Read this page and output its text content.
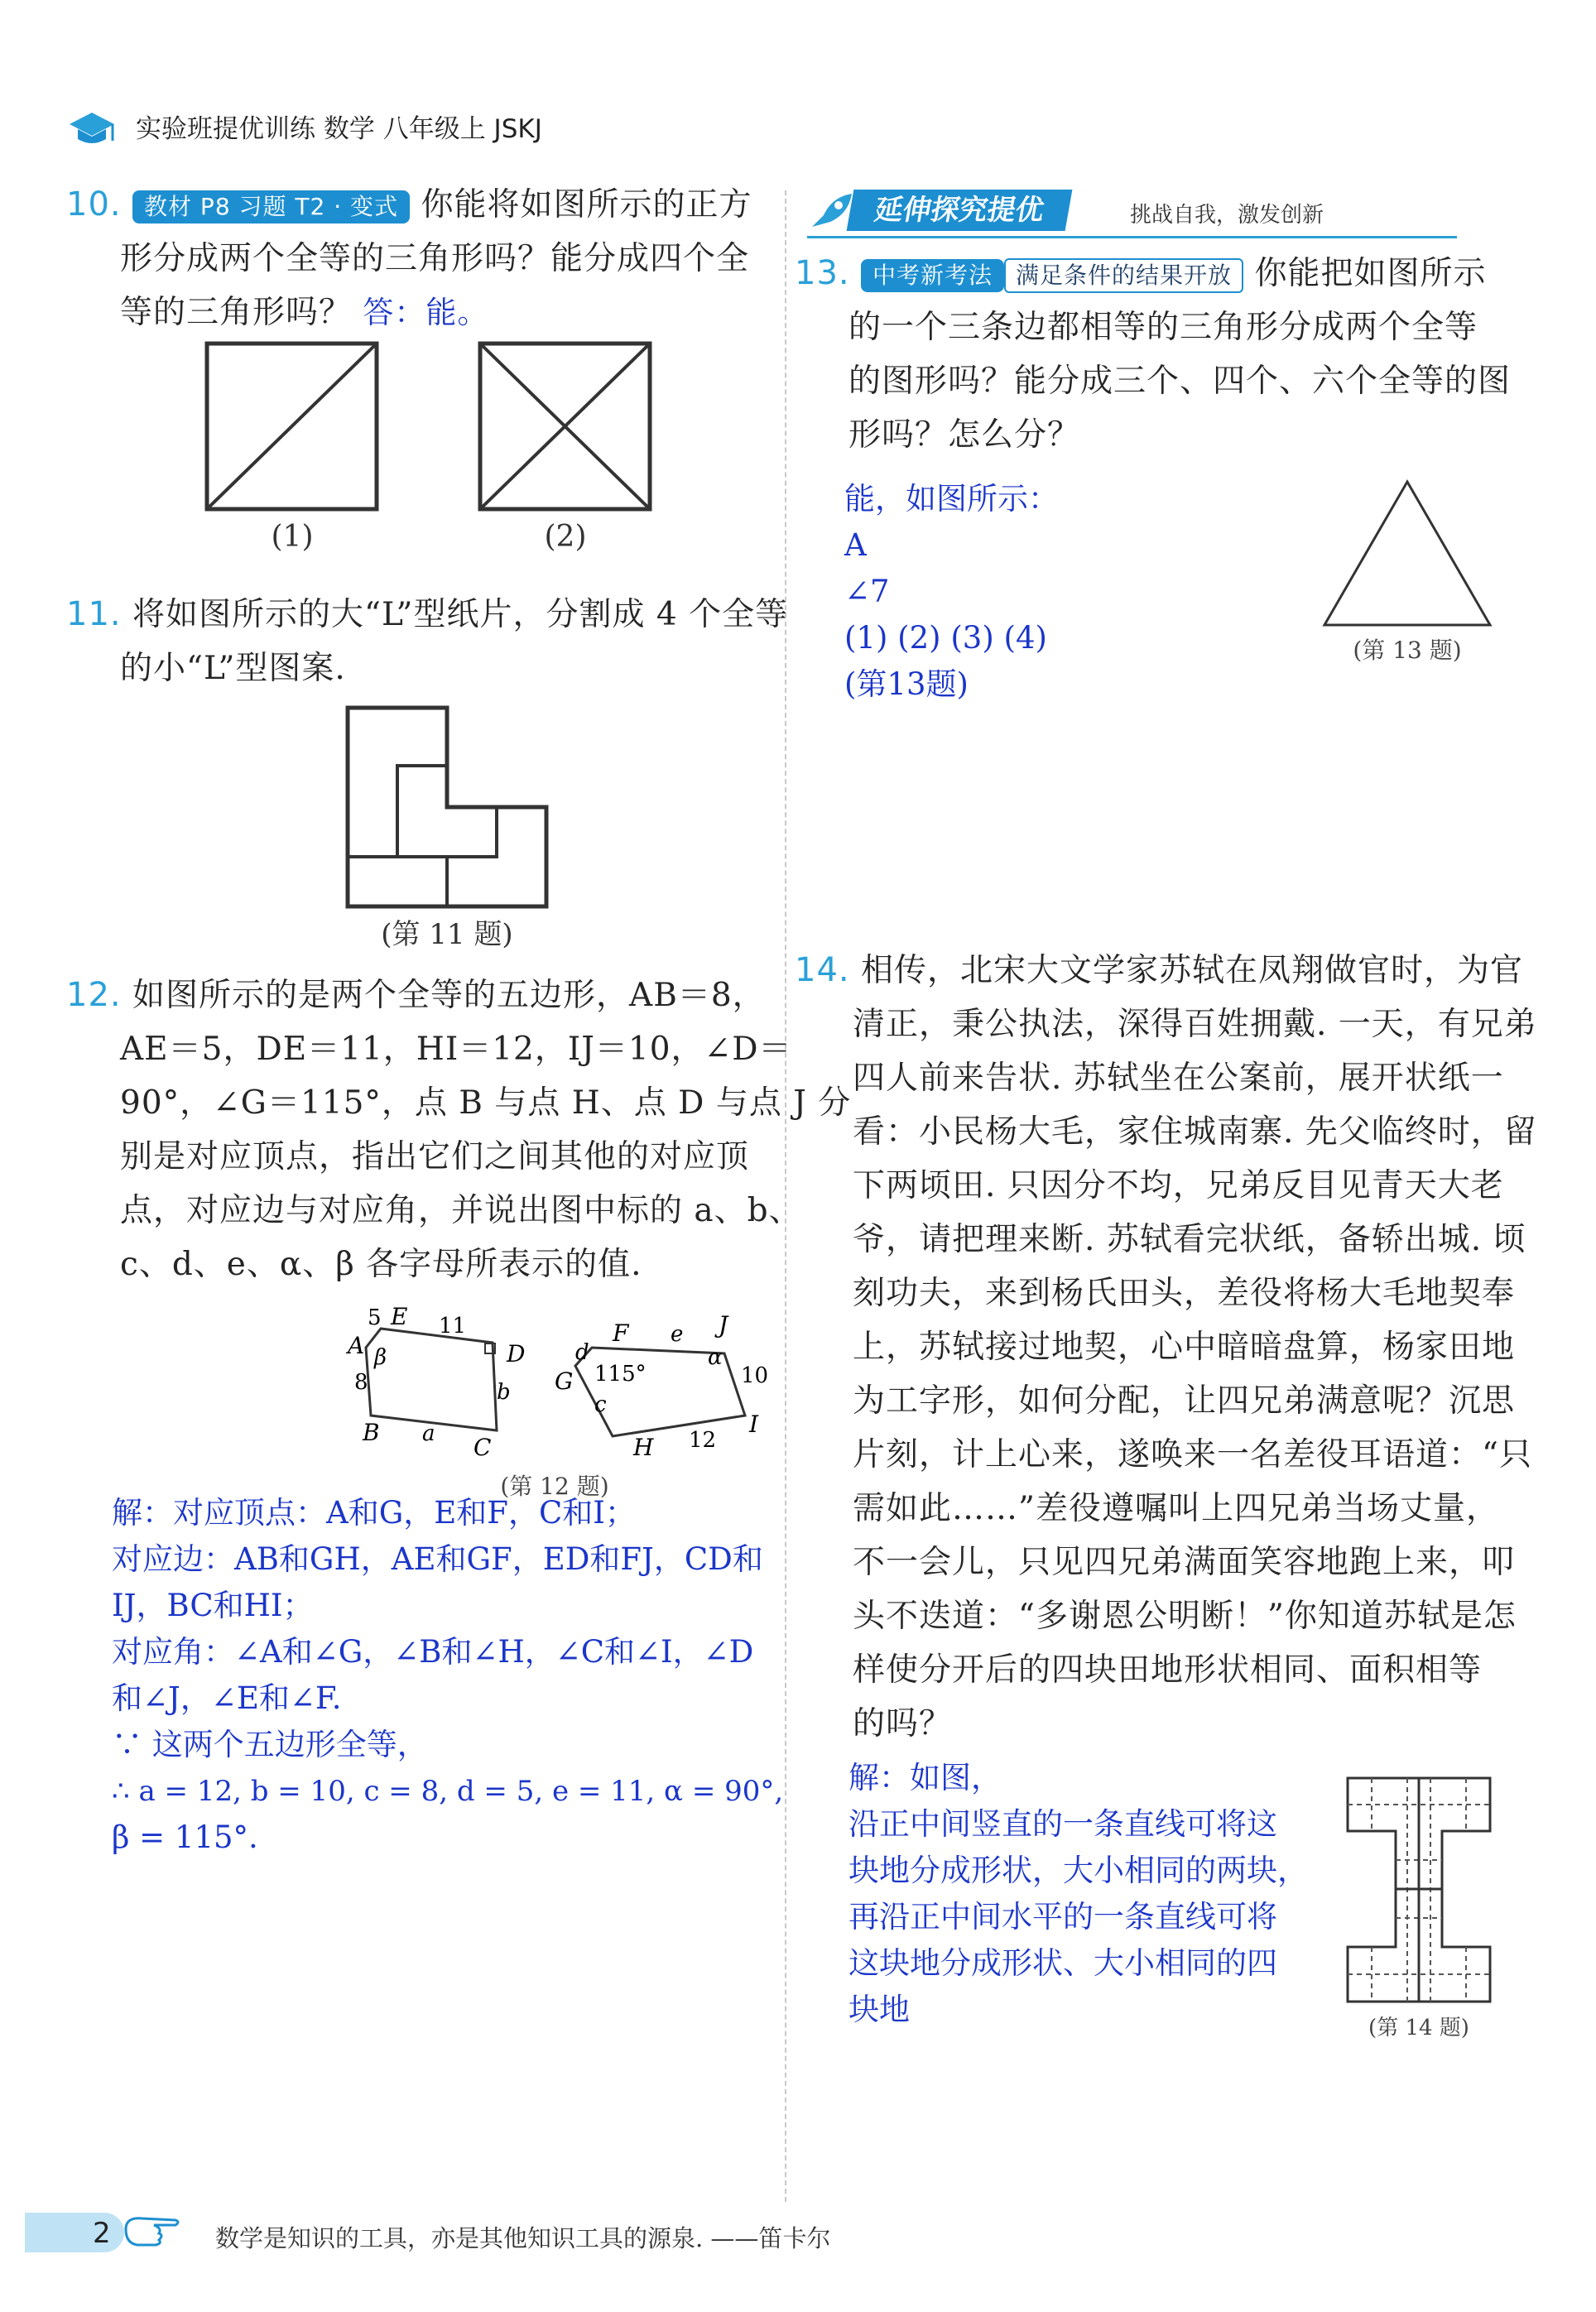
实验班提优训练 数学 八年级上 JSKJ
10. 教材 P8 习题 T2 · 变式 你能将如图所示的正方
形分成两个全等的三角形吗？能分成四个全
等的三角形吗？ 答：能。
(1)	(2)
11. 将如图所示的大“L”型纸片，分割成 4 个全等
的小“L”型图案.
(第 11 题)
12. 如图所示的是两个全等的五边形，AB＝8，
AE＝5，DE＝11，HI＝12，IJ＝10，∠D＝
90°，∠G＝115°，点 B 与点 H、点 D 与点 J 分
别是对应顶点，指出它们之间其他的对应顶
点，对应边与对应角，并说出图中标的 a、b、
c、d、e、α、β 各字母所表示的值.
A
E
5	11
D
β
8	b
B a C
F e J
α
d
115°	10
G
c
I
12
H
(第 12 题)
解：对应顶点：A和G，E和F，C和I；
对应边：AB和GH，AE和GF，ED和FJ，CD和
IJ，BC和HI；
对应角：∠A和∠G，∠B和∠H，∠C和∠I，∠D
和∠J，∠E和∠F.
∵ 这两个五边形全等，
∴ a = 12, b = 10, c = 8, d = 5, e = 11, α = 90°,
β = 115°.
延伸探究提优	挑战自我，激发创新
13. 中考新考法 满足条件的结果开放 你能把如图所示
的一个三条边都相等的三角形分成两个全等
的图形吗？能分成三个、四个、六个全等的图
形吗？怎么分？
能，如图所示：
A
∠7
(1) (2) (3) (4)
(第13题)
(第 13 题)
14. 相传，北宋大文学家苏轼在凤翔做官时，为官
清正，秉公执法，深得百姓拥戴. 一天，有兄弟
四人前来告状. 苏轼坐在公案前，展开状纸一
看：小民杨大毛，家住城南寨. 先父临终时，留
下两顷田. 只因分不均，兄弟反目见青天大老
爷，请把理来断. 苏轼看完状纸，备轿出城. 顷
刻功夫，来到杨氏田头，差役将杨大毛地契奉
上，苏轼接过地契，心中暗暗盘算，杨家田地
为工字形，如何分配，让四兄弟满意呢？沉思
片刻，计上心来，遂唤来一名差役耳语道：“只
需如此……”差役遵嘱叫上四兄弟当场丈量，
不一会儿，只见四兄弟满面笑容地跑上来，叩
头不迭道：“多谢恩公明断！”你知道苏轼是怎
样使分开后的四块田地形状相同、面积相等
的吗？
解：如图，
沿正中间竖直的一条直线可将这
块地分成形状，大小相同的两块，
再沿正中间水平的一条直线可将
这块地分成形状、大小相同的四
块地
(第 14 题)
2	数学是知识的工具，亦是其他知识工具的源泉. ——笛卡尔
